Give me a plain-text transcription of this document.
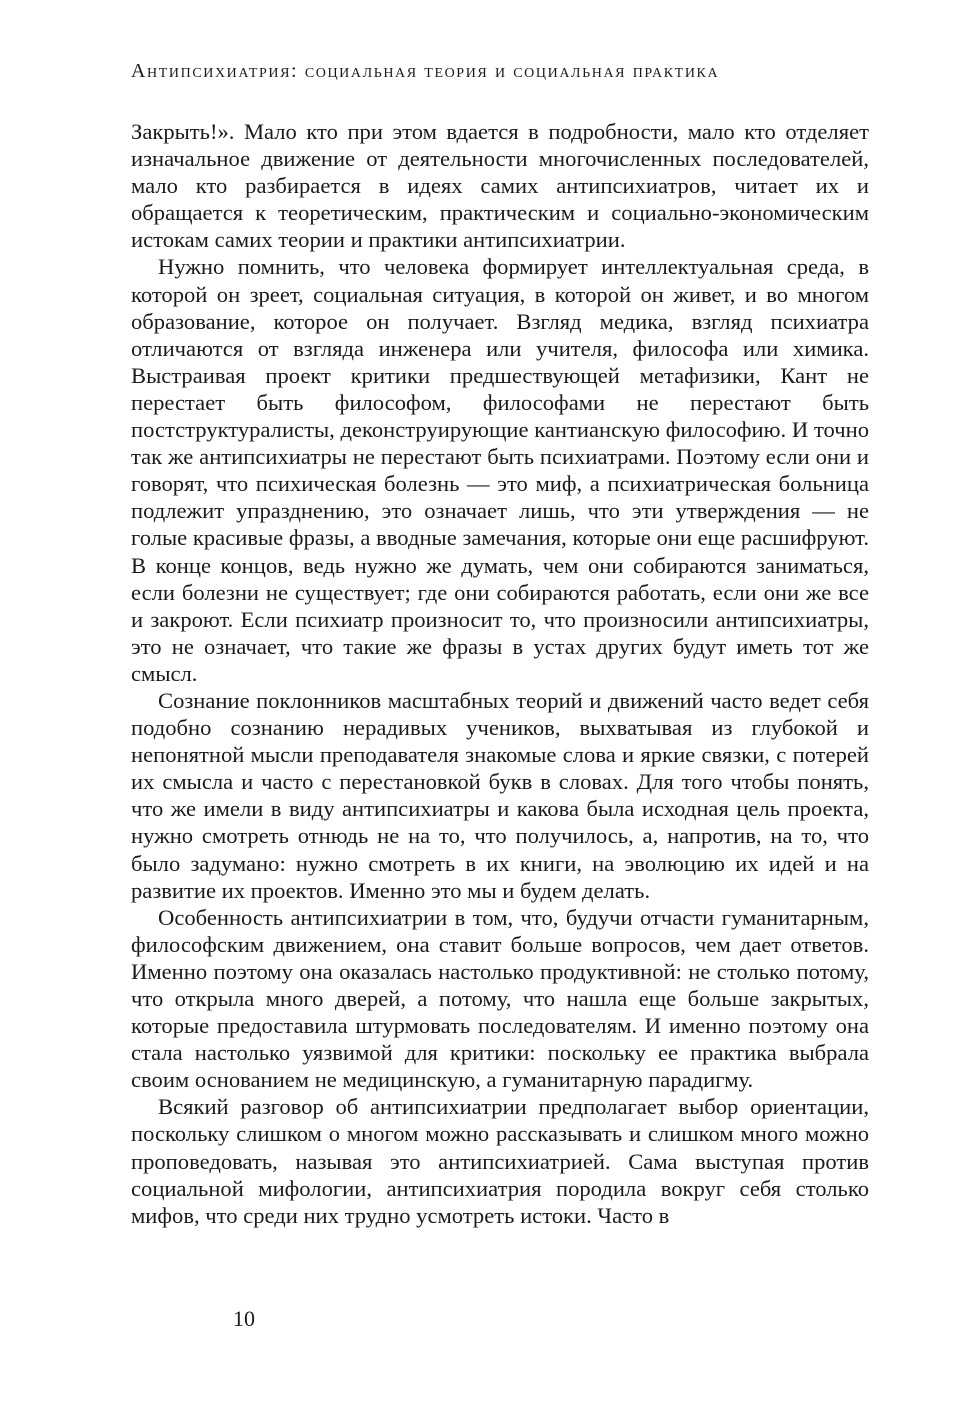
Антипсихиатрия: социальная теория и социальная практика

Закрыть!». Мало кто при этом вдается в подробности, мало кто отделяет изначальное движение от деятельности многочисленных последователей, мало кто разбирается в идеях самих антипсихиатров, читает их и обращается к теоретическим, практическим и социально-экономическим истокам самих теории и практики антипсихиатрии.

Нужно помнить, что человека формирует интеллектуальная среда, в которой он зреет, социальная ситуация, в которой он живет, и во многом образование, которое он получает. Взгляд медика, взгляд психиатра отличаются от взгляда инженера или учителя, философа или химика. Выстраивая проект критики предшествующей метафизики, Кант не перестает быть философом, философами не перестают быть постструктуралисты, деконструирующие кантианскую философию. И точно так же антипсихиатры не перестают быть психиатрами. Поэтому если они и говорят, что психическая болезнь — это миф, а психиатрическая больница подлежит упразднению, это означает лишь, что эти утверждения — не голые красивые фразы, а вводные замечания, которые они еще расшифруют. В конце концов, ведь нужно же думать, чем они собираются заниматься, если болезни не существует; где они собираются работать, если они же все и закроют. Если психиатр произносит то, что произносили антипсихиатры, это не означает, что такие же фразы в устах других будут иметь тот же смысл.

Сознание поклонников масштабных теорий и движений часто ведет себя подобно сознанию нерадивых учеников, выхватывая из глубокой и непонятной мысли преподавателя знакомые слова и яркие связки, с потерей их смысла и часто с перестановкой букв в словах. Для того чтобы понять, что же имели в виду антипсихиатры и какова была исходная цель проекта, нужно смотреть отнюдь не на то, что получилось, а, напротив, на то, что было задумано: нужно смотреть в их книги, на эволюцию их идей и на развитие их проектов. Именно это мы и будем делать.

Особенность антипсихиатрии в том, что, будучи отчасти гуманитарным, философским движением, она ставит больше вопросов, чем дает ответов. Именно поэтому она оказалась настолько продуктивной: не столько потому, что открыла много дверей, а потому, что нашла еще больше закрытых, которые предоставила штурмовать последователям. И именно поэтому она стала настолько уязвимой для критики: поскольку ее практика выбрала своим основанием не медицинскую, а гуманитарную парадигму.

Всякий разговор об антипсихиатрии предполагает выбор ориентации, поскольку слишком о многом можно рассказывать и слишком много можно проповедовать, называя это антипсихиатрией. Сама выступая против социальной мифологии, антипсихиатрия породила вокруг себя столько мифов, что среди них трудно усмотреть истоки. Часто в

10
